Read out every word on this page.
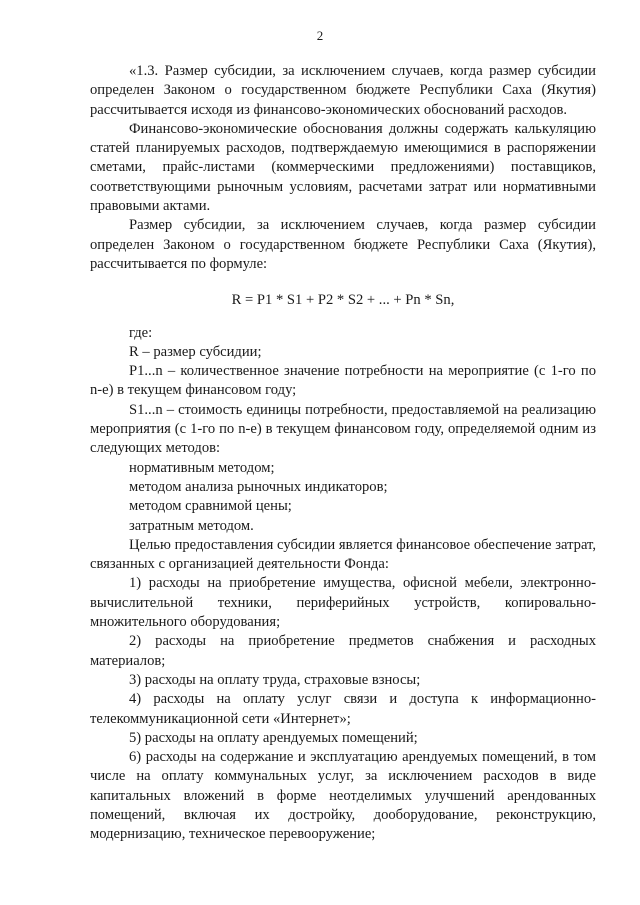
2

«1.3. Размер субсидии, за исключением случаев, когда размер субсидии определен Законом о государственном бюджете Республики Саха (Якутия) рассчитывается исходя из финансово-экономических обоснований расходов.

Финансово-экономические обоснования должны содержать калькуляцию статей планируемых расходов, подтверждаемую имеющимися в распоряжении сметами, прайс-листами (коммерческими предложениями) поставщиков, соответствующими рыночным условиям, расчетами затрат или нормативными правовыми актами.

Размер субсидии, за исключением случаев, когда размер субсидии определен Законом о государственном бюджете Республики Саха (Якутия), рассчитывается по формуле:

R = P1 * S1 + P2 * S2 + ... + Pn * Sn,

где:

R – размер субсидии;

P1...n – количественное значение потребности на мероприятие (с 1-го по n-е) в текущем финансовом году;

S1...n – стоимость единицы потребности, предоставляемой на реализацию мероприятия (с 1-го по n-е) в текущем финансовом году, определяемой одним из следующих методов:

нормативным методом;

методом анализа рыночных индикаторов;

методом сравнимой цены;

затратным методом.

Целью предоставления субсидии является финансовое обеспечение затрат, связанных с организацией деятельности Фонда:

1) расходы на приобретение имущества, офисной мебели, электронно-вычислительной техники, периферийных устройств, копировально-множительного оборудования;

2) расходы на приобретение предметов снабжения и расходных материалов;

3) расходы на оплату труда, страховые взносы;

4) расходы на оплату услуг связи и доступа к информационно-телекоммуникационной сети «Интернет»;

5) расходы на оплату арендуемых помещений;

6) расходы на содержание и эксплуатацию арендуемых помещений, в том числе на оплату коммунальных услуг, за исключением расходов в виде капитальных вложений в форме неотделимых улучшений арендованных помещений, включая их достройку, дооборудование, реконструкцию, модернизацию, техническое перевооружение;
